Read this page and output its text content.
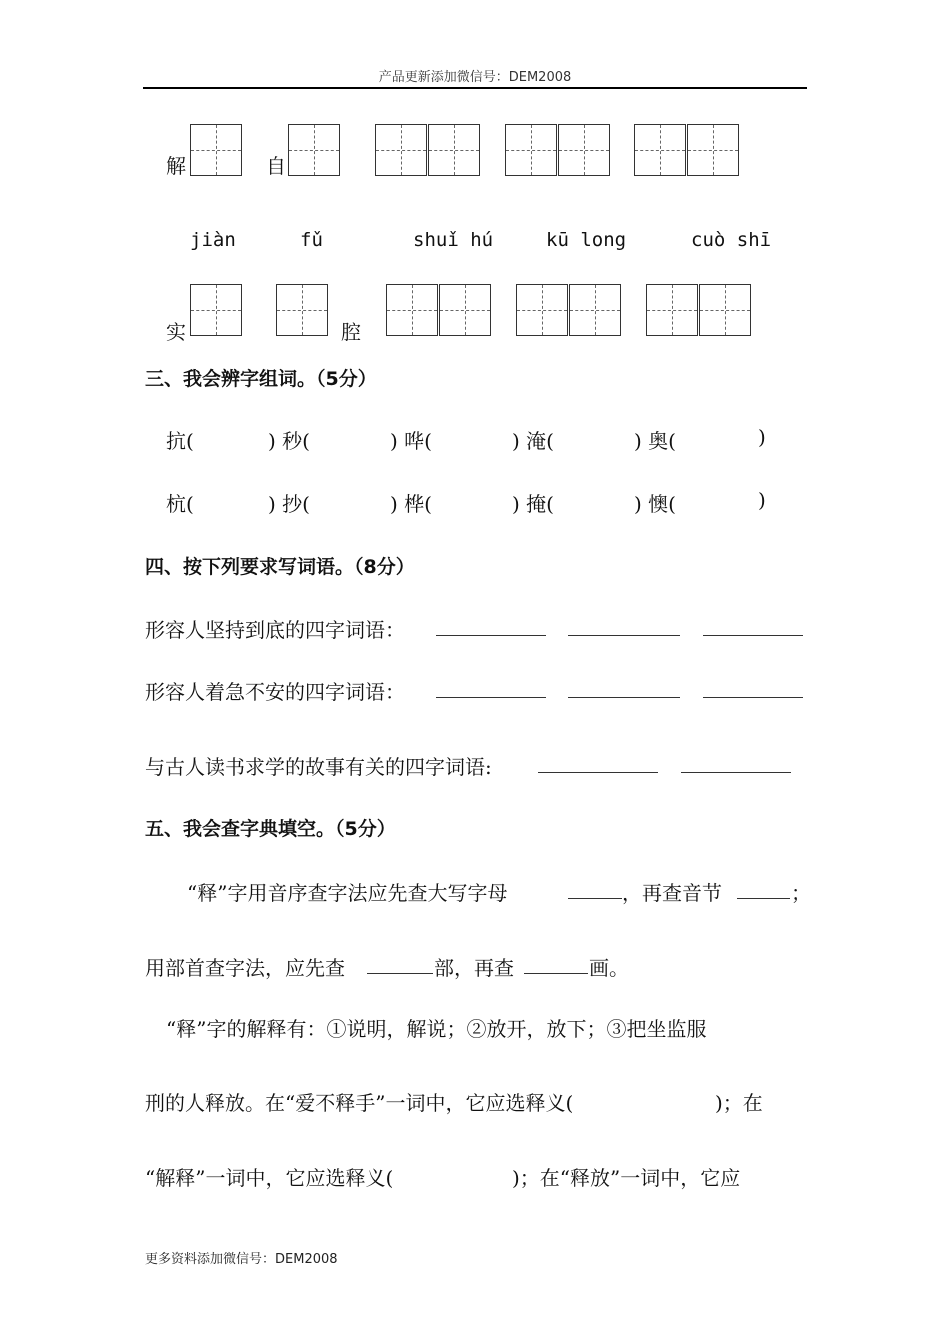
产品更新添加微信号：DEM2008
解	自
jiàn	fǔ	shuǐ hú	kū long	cuò shī
实	腔
三、我会辨字组词。（5分）
抗(	) 秒(	) 哗(	) 淹(	) 奥(	)
杭(	) 抄(	) 桦(	) 掩(	) 懊(	)
四、按下列要求写词语。（8分）
形容人坚持到底的四字词语：
形容人着急不安的四字词语：
与古人读书求学的故事有关的四字词语:
五、我会查字典填空。（5分）
“释”字用音序查字法应先查大写字母	，再查音节	；
用部首查字法，应先查	部，再查	画。
“释”字的解释有：①说明，解说；②放开，放下；③把坐监服
刑的人释放。在“爱不释手”一词中，它应选释义(	)；在
“解释”一词中，它应选释义(	)；在“释放”一词中，它应
更多资料添加微信号：DEM2008
